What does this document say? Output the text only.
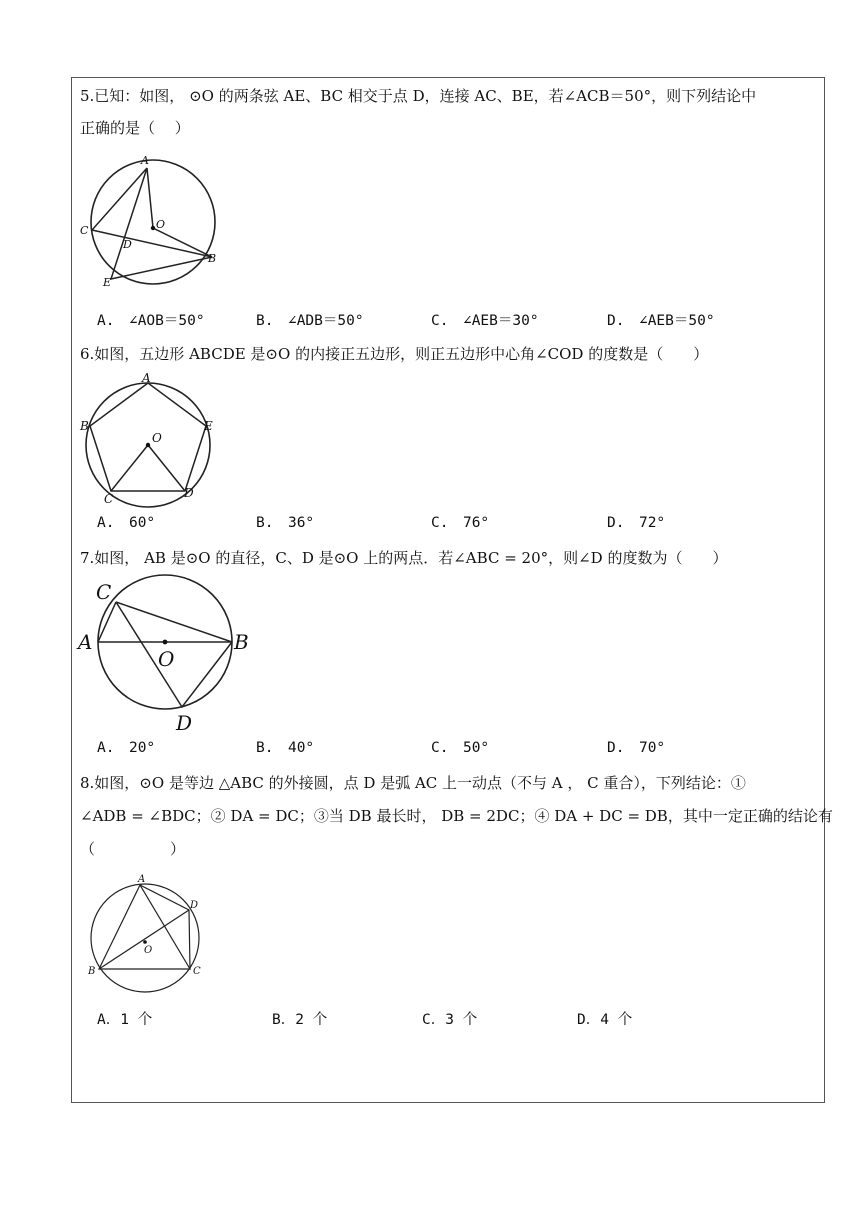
5.已知：如图， ⊙O 的两条弦 AE、BC 相交于点 D，连接 AC、BE，若∠ACB＝50°，则下列结论中
正确的是（　 ）
A
O
C
D
B
E
A.　∠AOB＝50°	B.　∠ADB＝50°	C.　∠AEB＝30°	D.　∠AEB＝50°
6.如图，五边形 ABCDE 是⊙O 的内接正五边形，则正五边形中心角∠COD 的度数是（　　）
A
B	E
O
C	D
A.　60°	B.　36°	C.　76°	D.　72°
7.如图， AB 是⊙O 的直径，C、D 是⊙O 上的两点．若∠ABC = 20°，则∠D 的度数为（　　）
C
A
O
B
D
A.　20°	B.　40°	C.　50°	D.　70°
8.如图，⊙O 是等边 △ABC 的外接圆，点 D 是弧 AC 上一动点（不与 A ， C 重合），下列结论：①
∠ADB = ∠BDC；② DA = DC；③当 DB 最长时， DB = 2DC；④ DA + DC = DB，其中一定正确的结论有
（　　　　　）
A
D
O
B	C
A．1 个	B．2 个	C．3 个	D．4 个
